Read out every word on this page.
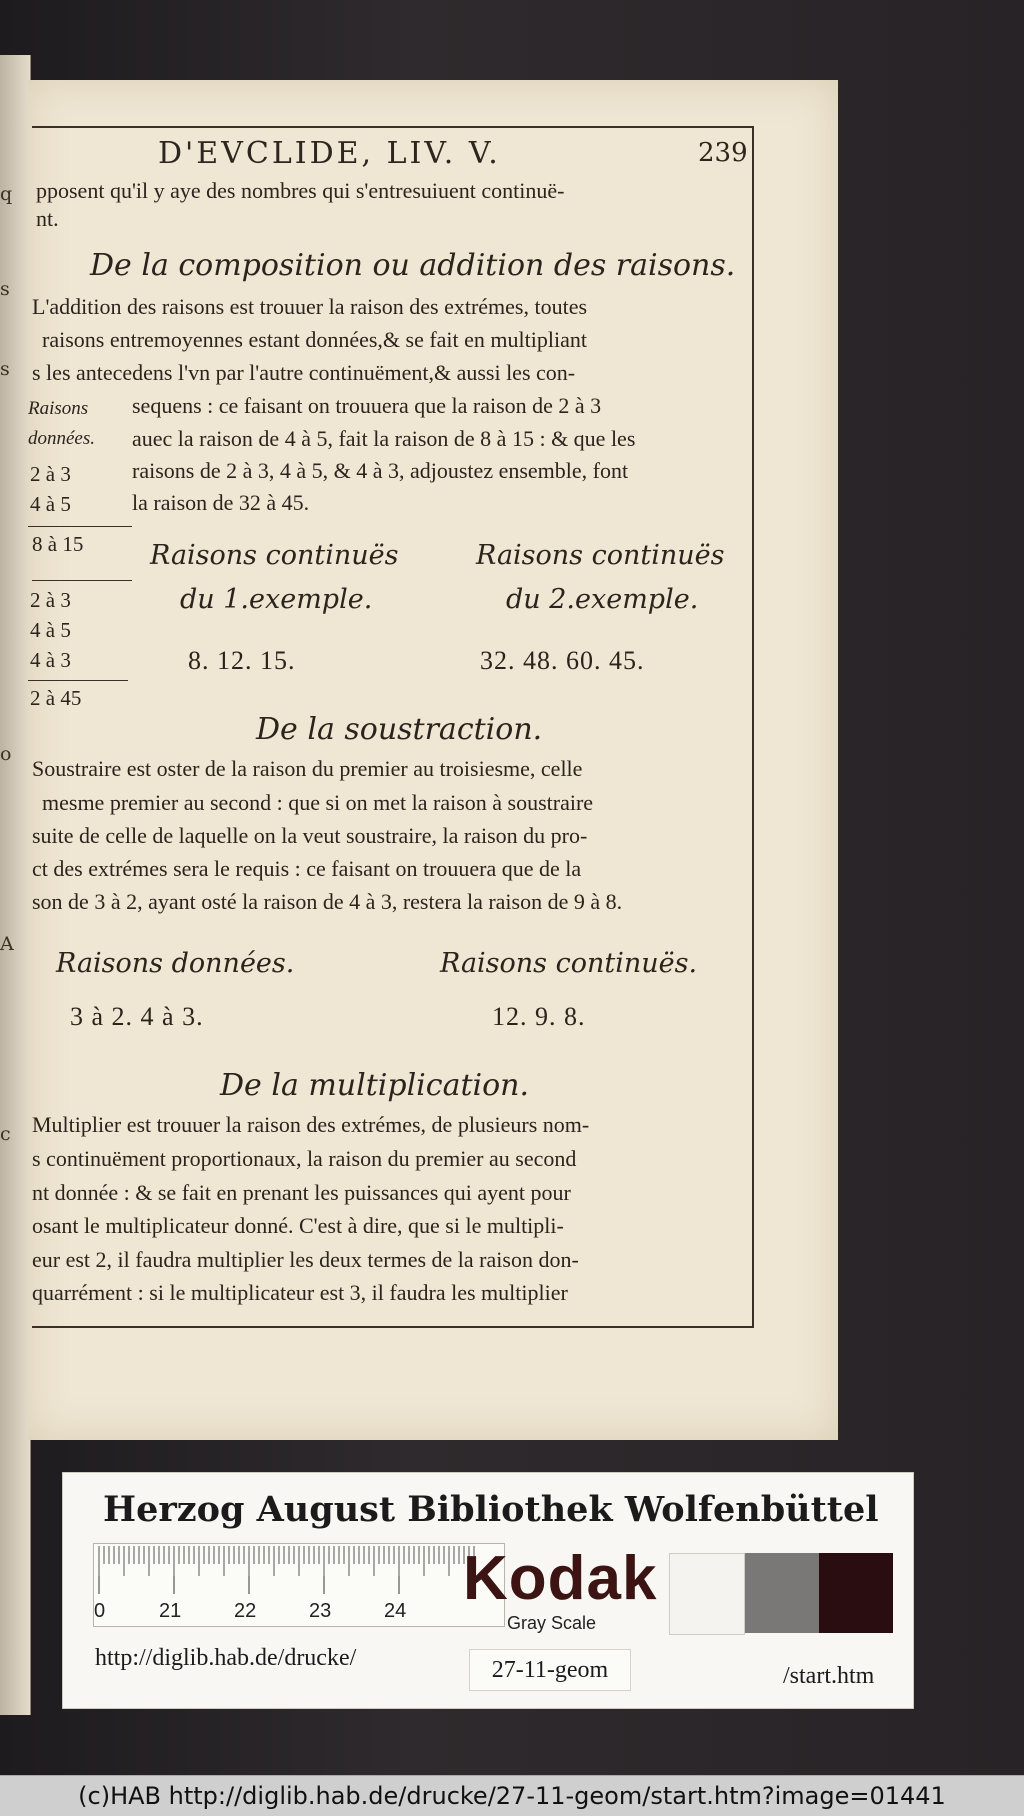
q
s
s
o
A
c
D'EVCLIDE, LIV. V.	239
pposent qu'il y aye des nombres qui s'entresuiuent continuë-
nt.
De la composition ou addition des raisons.
L'addition des raisons est trouuer la raison des extrémes, toutes
raisons entremoyennes estant données,& se fait en multipliant
s les antecedens l'vn par l'autre continuëment,& aussi les con-
sequens : ce faisant on trouuera que la raison de 2 à 3
auec la raison de 4 à 5, fait la raison de 8 à 15 : & que les
raisons de 2 à 3, 4 à 5, & 4 à 3, adjoustez ensemble, font
la raison de 32 à 45.
Raisons
données.
2 à 3
4 à 5
8 à 15
2 à 3
4 à 5
4 à 3
2 à 45
Raisons continuës
du 1.exemple.
8. 12. 15.
Raisons continuës
du 2.exemple.
32. 48. 60. 45.
De la soustraction.
Soustraire est oster de la raison du premier au troisiesme, celle
mesme premier au second : que si on met la raison à soustraire
suite de celle de laquelle on la veut soustraire, la raison du pro-
ct des extrémes sera le requis : ce faisant on trouuera que de la
son de 3 à 2, ayant osté la raison de 4 à 3, restera la raison de 9 à 8.
Raisons données.
3 à 2. 4 à 3.
Raisons continuës.
12. 9. 8.
De la multiplication.
Multiplier est trouuer la raison des extrémes, de plusieurs nom-
s continuëment proportionaux, la raison du premier au second
nt donnée : & se fait en prenant les puissances qui ayent pour
osant le multiplicateur donné. C'est à dire, que si le multipli-
eur est 2, il faudra multiplier les deux termes de la raison don-
quarrément : si le multiplicateur est 3, il faudra les multiplier
Herzog August Bibliothek Wolfenbüttel
0	21	22	23	24 Kodak
Gray Scale
http://diglib.hab.de/drucke/	27-11-geom	/start.htm
(c)HAB http://diglib.hab.de/drucke/27-11-geom/start.htm?image=01441
